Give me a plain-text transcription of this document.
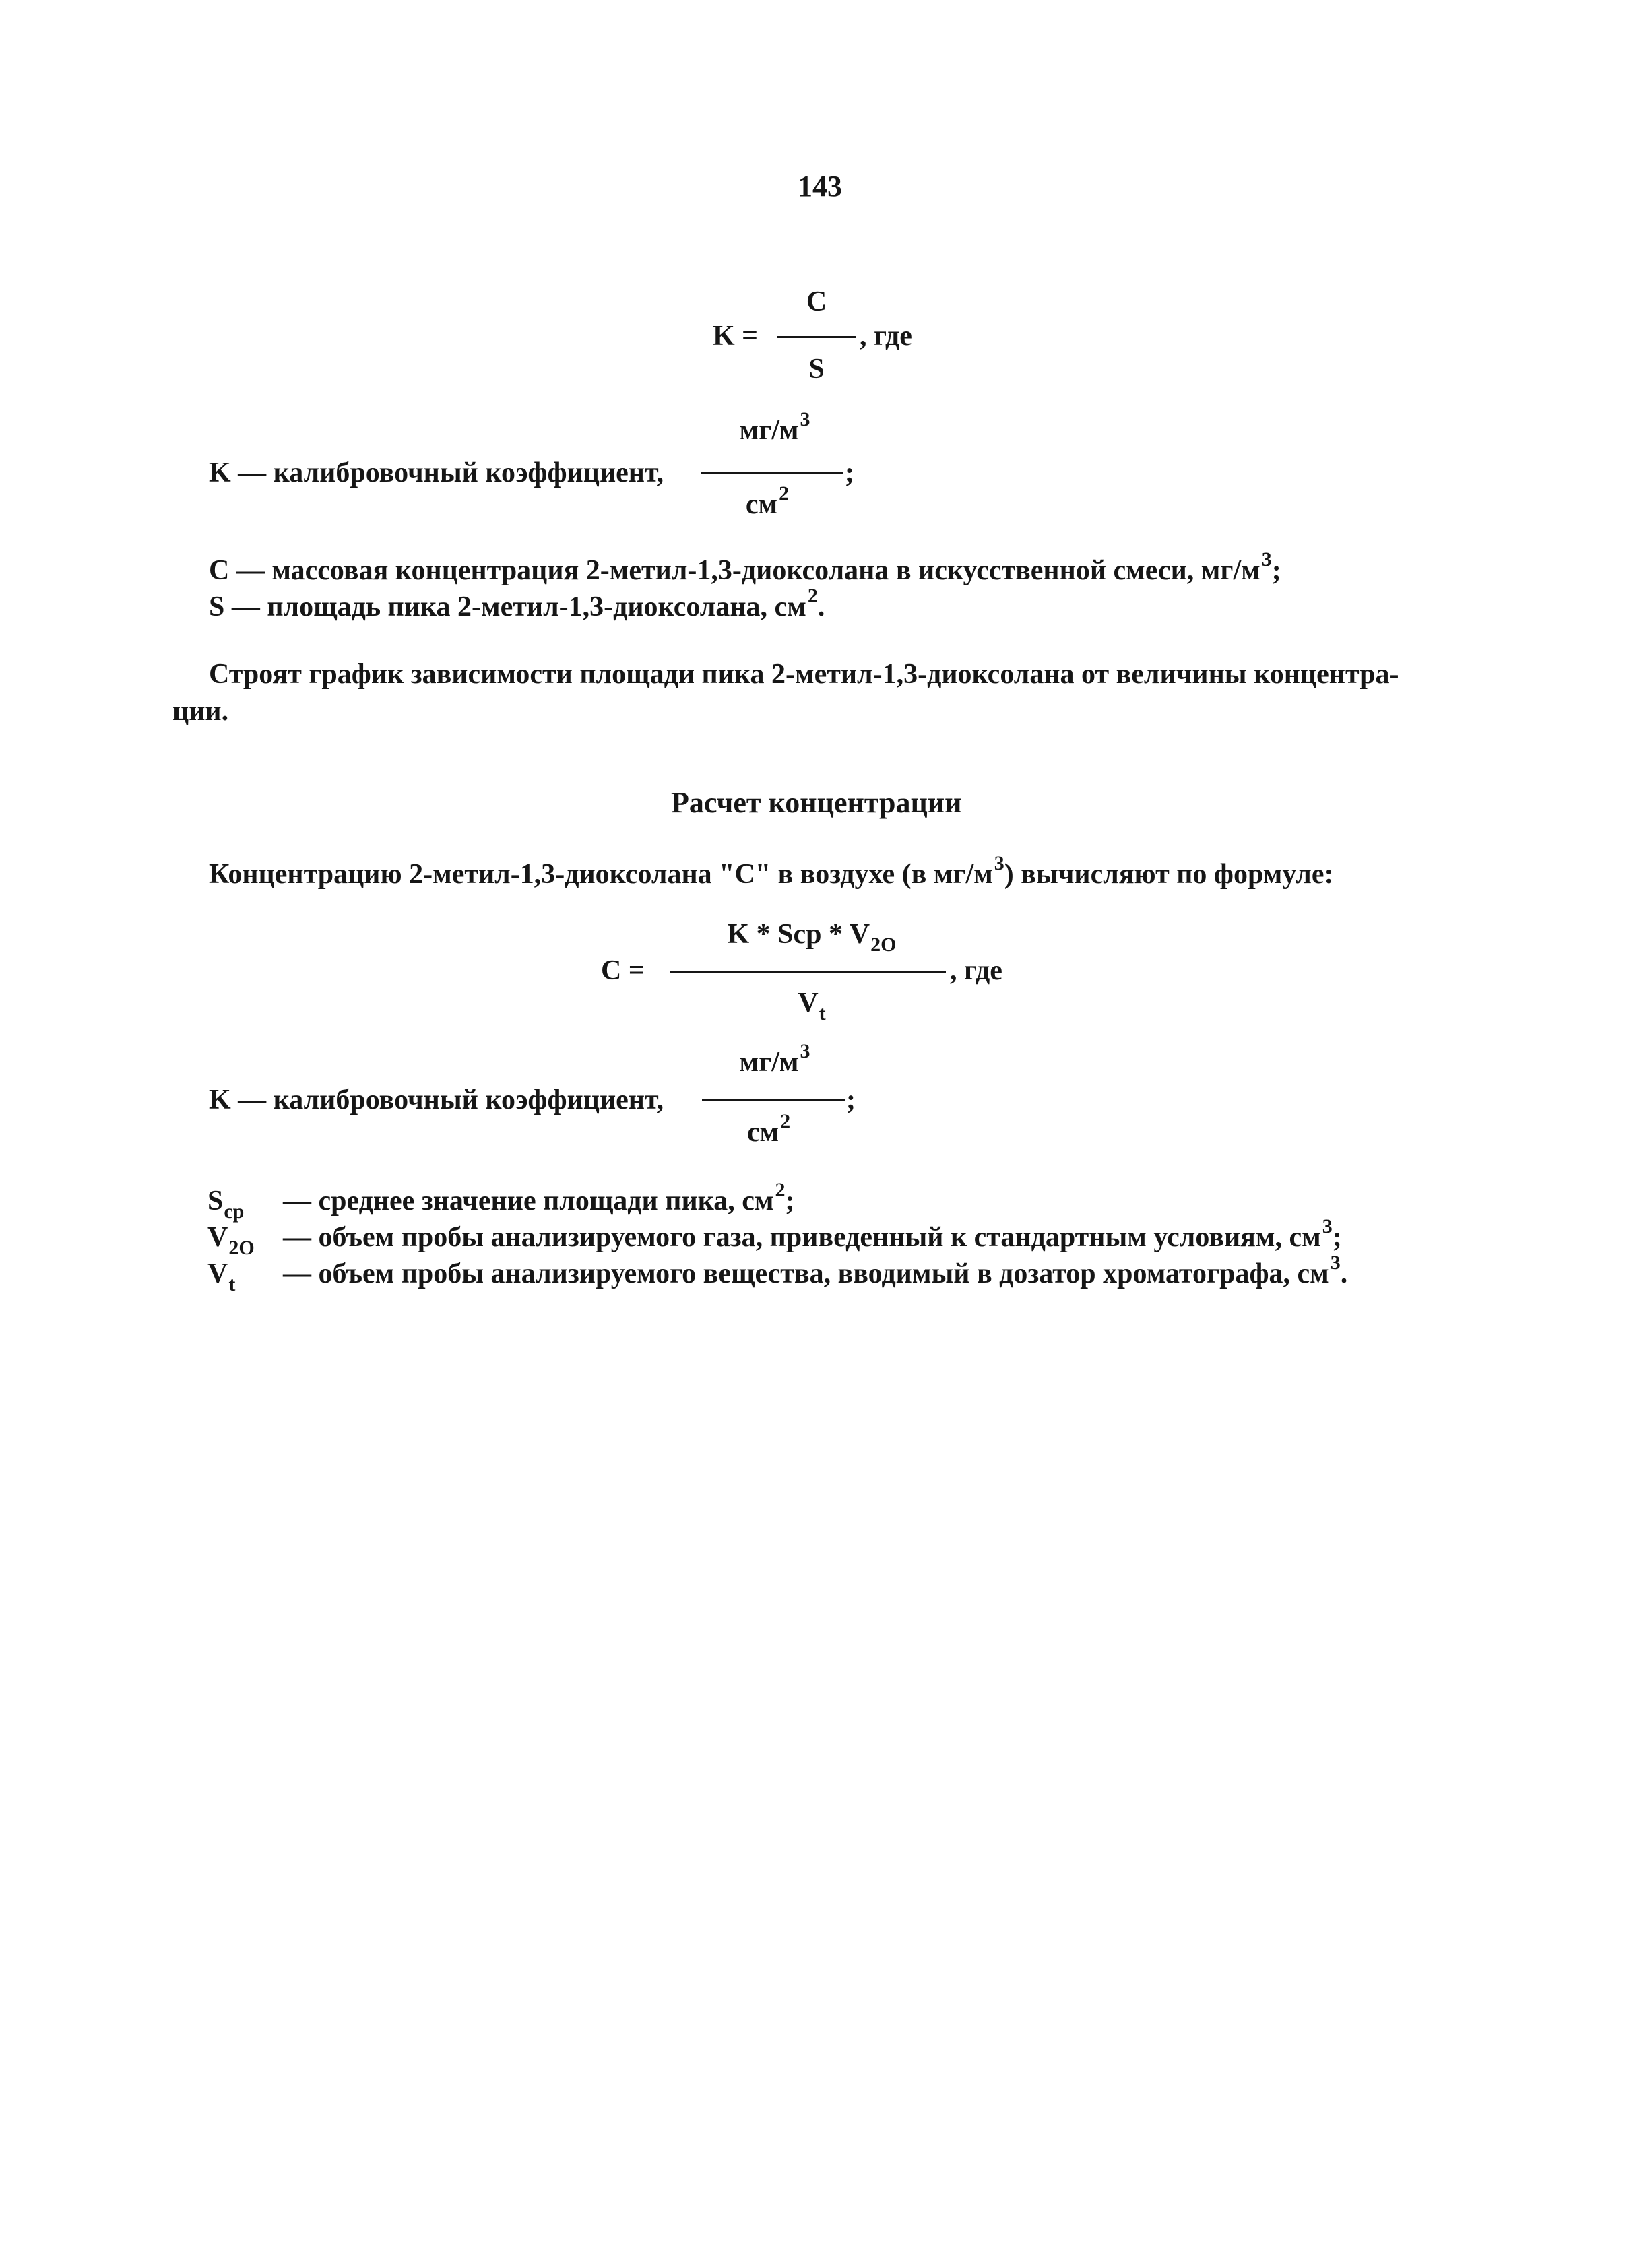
143
K =
C
S
, где
K — калибровочный коэффициент,
$мг/м^3$
;
$см^2$
C — массовая концентрация 2-метил-1,3-диоксолана в искусственной смеси, $мг/м^3$;
S — площадь пика 2-метил-1,3-диоксолана, $см^2$.
Строят график зависимости площади пика 2-метил-1,3-диоксолана от величины концентра-
ции.
Расчет концентрации
Концентрацию 2-метил-1,3-диоксолана "C" в воздухе (в $мг/м^3$) вычисляют по формуле:
C =
K * Scp * $V_{2O}$
$V_t$
, где
K — калибровочный коэффициент,
$мг/м^3$
;
$см^2$
$S_{cp}$ — среднее значение площади пика, $см^2$;
$V_{2O}$ — объем пробы анализируемого газа, приведенный к стандартным условиям, $см^3$;
$V_t$ — объем пробы анализируемого вещества, вводимый в дозатор хроматографа, $см^3$.
